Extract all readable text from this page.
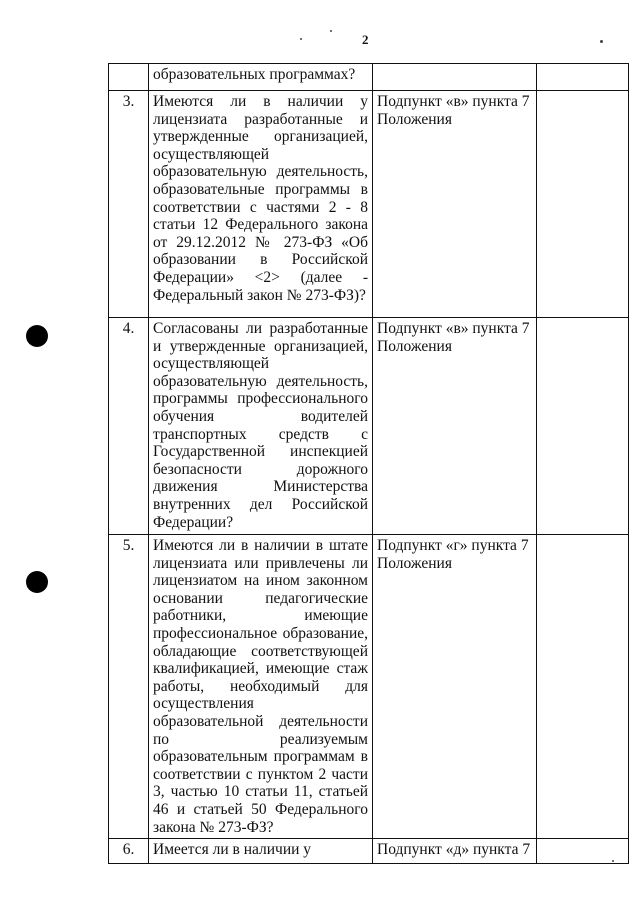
2
	образовательных программах?		
3.	Имеются ли в наличии у лицензиата разработанные и утвержденные организацией, осуществляющей образовательную деятельность, образовательные программы в соответствии с частями 2 - 8 статьи 12 Федерального закона от 29.12.2012 № 273-ФЗ «Об образовании в Российской Федерации» <2> (далее - Федеральный закон № 273-ФЗ)?	Подпункт «в» пункта 7 Положения	
4.	Согласованы ли разработанные и утвержденные организацией, осуществляющей образовательную деятельность, программы профессионального обучения водителей транспортных средств с Государственной инспекцией безопасности дорожного движения Министерства внутренних дел Российской Федерации?	Подпункт «в» пункта 7 Положения	
5.	Имеются ли в наличии в штате лицензиата или привлечены ли лицензиатом на ином законном основании педагогические работники, имеющие профессиональное образование, обладающие соответствующей квалификацией, имеющие стаж работы, необходимый для осуществления образовательной деятельности по реализуемым образовательным программам в соответствии с пунктом 2 части 3, частью 10 статьи 11, статьей 46 и статьей 50 Федерального закона № 273-ФЗ?	Подпункт «г» пункта 7 Положения	
6.	Имеется ли в наличии у	Подпункт «д» пункта 7	
